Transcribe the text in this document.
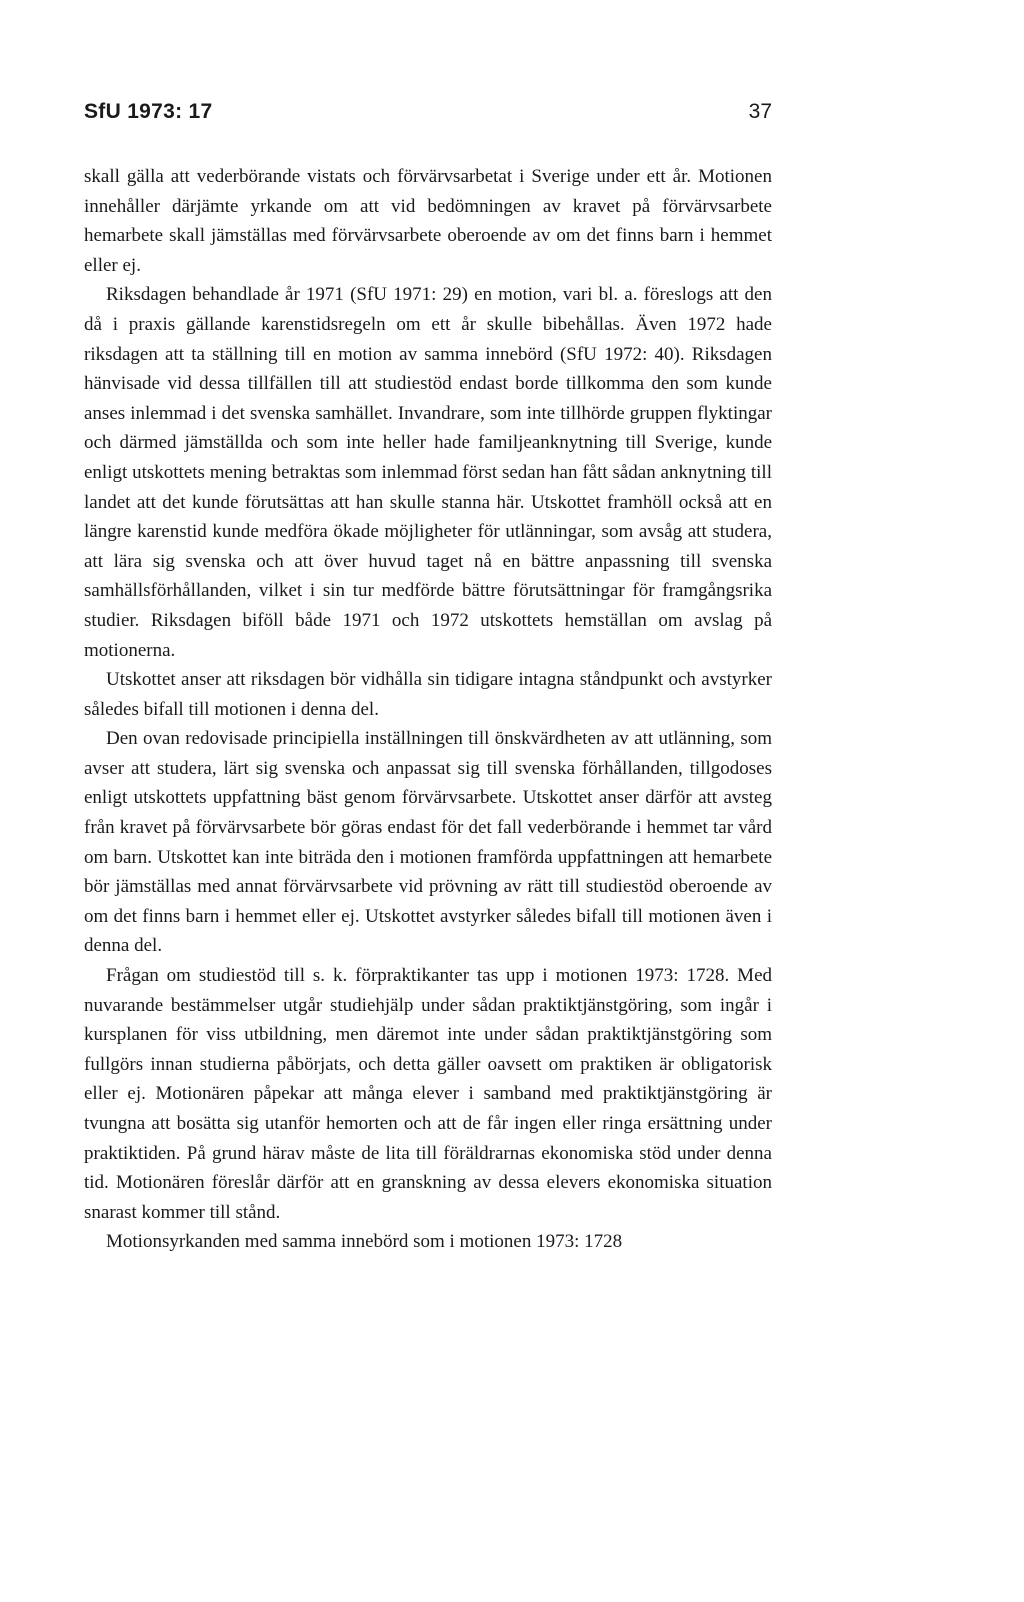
SfU 1973: 17	37

skall gälla att vederbörande vistats och förvärvsarbetat i Sverige under ett år. Motionen innehåller därjämte yrkande om att vid bedömningen av kravet på förvärvsarbete hemarbete skall jämställas med förvärvsarbete oberoende av om det finns barn i hemmet eller ej.

Riksdagen behandlade år 1971 (SfU 1971: 29) en motion, vari bl. a. föreslogs att den då i praxis gällande karenstidsregeln om ett år skulle bibehållas. Även 1972 hade riksdagen att ta ställning till en motion av samma innebörd (SfU 1972: 40). Riksdagen hänvisade vid dessa tillfällen till att studiestöd endast borde tillkomma den som kunde anses inlemmad i det svenska samhället. Invandrare, som inte tillhörde gruppen flyktingar och därmed jämställda och som inte heller hade familjeanknytning till Sverige, kunde enligt utskottets mening betraktas som inlemmad först sedan han fått sådan anknytning till landet att det kunde förutsättas att han skulle stanna här. Utskottet framhöll också att en längre karenstid kunde medföra ökade möjligheter för utlänningar, som avsåg att studera, att lära sig svenska och att över huvud taget nå en bättre anpassning till svenska samhällsförhållanden, vilket i sin tur medförde bättre förutsättningar för framgångsrika studier. Riksdagen biföll både 1971 och 1972 utskottets hemställan om avslag på motionerna.

Utskottet anser att riksdagen bör vidhålla sin tidigare intagna ståndpunkt och avstyrker således bifall till motionen i denna del.

Den ovan redovisade principiella inställningen till önskvärdheten av att utlänning, som avser att studera, lärt sig svenska och anpassat sig till svenska förhållanden, tillgodoses enligt utskottets uppfattning bäst genom förvärvsarbete. Utskottet anser därför att avsteg från kravet på förvärvsarbete bör göras endast för det fall vederbörande i hemmet tar vård om barn. Utskottet kan inte biträda den i motionen framförda uppfattningen att hemarbete bör jämställas med annat förvärvsarbete vid prövning av rätt till studiestöd oberoende av om det finns barn i hemmet eller ej. Utskottet avstyrker således bifall till motionen även i denna del.

Frågan om studiestöd till s. k. förpraktikanter tas upp i motionen 1973: 1728. Med nuvarande bestämmelser utgår studiehjälp under sådan praktiktjänstgöring, som ingår i kursplanen för viss utbildning, men däremot inte under sådan praktiktjänstgöring som fullgörs innan studierna påbörjats, och detta gäller oavsett om praktiken är obligatorisk eller ej. Motionären påpekar att många elever i samband med praktiktjänstgöring är tvungna att bosätta sig utanför hemorten och att de får ingen eller ringa ersättning under praktiktiden. På grund härav måste de lita till föräldrarnas ekonomiska stöd under denna tid. Motionären föreslår därför att en granskning av dessa elevers ekonomiska situation snarast kommer till stånd.

Motionsyrkanden med samma innebörd som i motionen 1973: 1728
